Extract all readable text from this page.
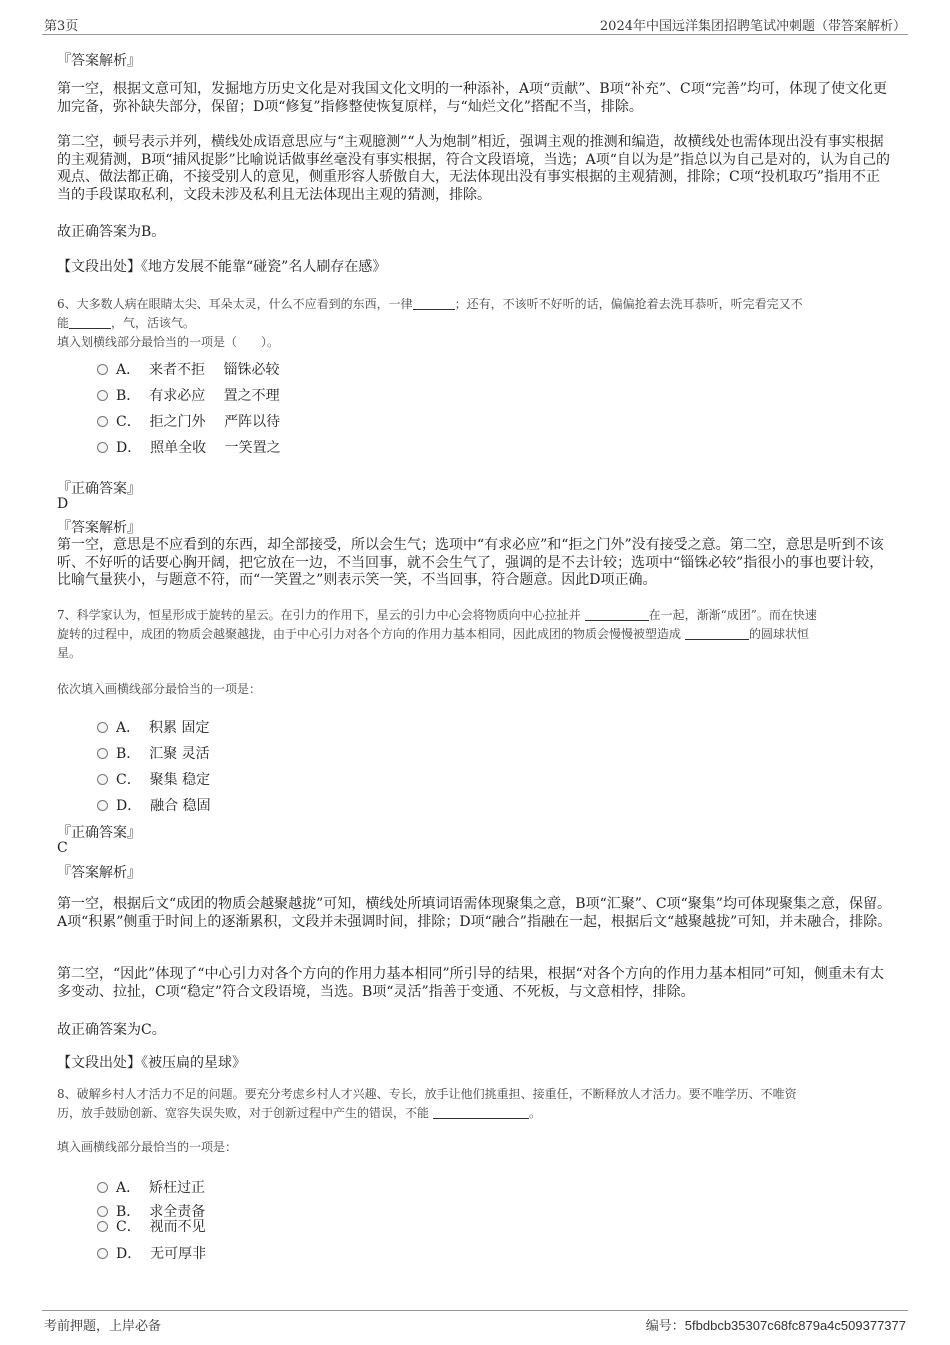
第3页	2024年中国远洋集团招聘笔试冲刺题（带答案解析）
『答案解析』

第一空，根据文意可知，发掘地方历史文化是对我国文化文明的一种添补，A项“贡献”、B项“补充”、C项“完善”均可，体现了使文化更加完备，弥补缺失部分，保留；D项“修复”指修整使恢复原样，与“灿烂文化”搭配不当，排除。

第二空，顿号表示并列，横线处成语意思应与“主观臆测”“人为炮制”相近，强调主观的推测和编造，故横线处也需体现出没有事实根据的主观猜测，B项“捕风捉影”比喻说话做事丝毫没有事实根据，符合文段语境，当选；A项“自以为是”指总以为自己是对的，认为自己的观点、做法都正确，不接受别人的意见，侧重形容人骄傲自大，无法体现出没有事实根据的主观猜测，排除；C项“投机取巧”指用不正当的手段谋取私利，文段未涉及私利且无法体现出主观的猜测，排除。

故正确答案为B。
【文段出处】《地方发展不能靠“碰瓷”名人刷存在感》

6、大多数人病在眼睛太尖、耳朵太灵，什么不应看到的东西，一律	；还有，不该听不好听的话，偏偏抢着去洗耳恭听，听完看完又不
能	，气，活该气。

填入划横线部分最恰当的一项是（　　）。
A． 来者不拒　 锱铢必较
B． 有求必应　 置之不理
C． 拒之门外　 严阵以待
D． 照单全收　 一笑置之
『正确答案』
D
『答案解析』

第一空，意思是不应看到的东西，却全部接受，所以会生气；选项中“有求必应”和“拒之门外”没有接受之意。第二空，意思是听到不该听、不好听的话要心胸开阔，把它放在一边，不当回事，就不会生气了，强调的是不去计较；选项中“锱铢必较”指很小的事也要计较，比喻气量狭小，与题意不符，而“一笑置之”则表示笑一笑，不当回事，符合题意。因此D项正确。

7、科学家认为，恒星形成于旋转的星云。在引力的作用下，星云的引力中心会将物质向中心拉扯并	在一起，渐渐“成团”。而在快速
旋转的过程中，成团的物质会越聚越拢，由于中心引力对各个方向的作用力基本相同，因此成团的物质会慢慢被塑造成	的圆球状恒
星。

依次填入画横线部分最恰当的一项是：
A． 积累 固定
B． 汇聚 灵活
C． 聚集 稳定
D． 融合 稳固
『正确答案』
C
『答案解析』

第一空，根据后文“成团的物质会越聚越拢”可知，横线处所填词语需体现聚集之意，B项“汇聚”、C项“聚集”均可体现聚集之意，保留。A项“积累”侧重于时间上的逐渐累积，文段并未强调时间，排除；D项“融合”指融在一起，根据后文“越聚越拢”可知，并未融合，排除。

第二空，“因此”体现了“中心引力对各个方向的作用力基本相同”所引导的结果，根据“对各个方向的作用力基本相同”可知，侧重未有太多变动、拉扯，C项“稳定”符合文段语境，当选。B项“灵活”指善于变通、不死板，与文意相悖，排除。

故正确答案为C。
【文段出处】《被压扁的星球》

8、破解乡村人才活力不足的问题。要充分考虑乡村人才兴趣、专长，放手让他们挑重担、接重任，不断释放人才活力。要不唯学历、不唯资
历，放手鼓励创新、宽容失误失败，对于创新过程中产生的错误，不能	。

填入画横线部分最恰当的一项是：
A． 矫枉过正
B． 求全责备
C． 视而不见
D． 无可厚非
考前押题，上岸必备	编号：5fbdbcb35307c68fc879a4c509377377
